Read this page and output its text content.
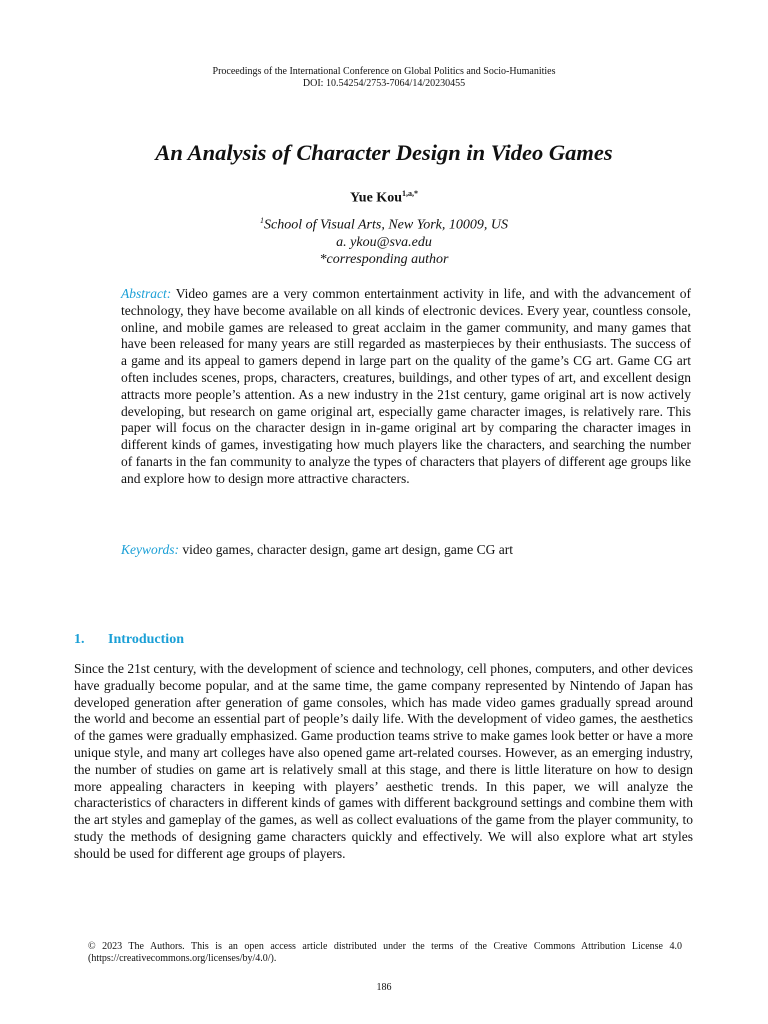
Proceedings of the International Conference on Global Politics and Socio-Humanities
DOI: 10.54254/2753-7064/14/20230455
An Analysis of Character Design in Video Games
Yue Kou$^{1,a,*}$
$^1$School of Visual Arts, New York, 10009, US
a. ykou@sva.edu
*corresponding author
Abstract: Video games are a very common entertainment activity in life, and with the advancement of technology, they have become available on all kinds of electronic devices. Every year, countless console, online, and mobile games are released to great acclaim in the gamer community, and many games that have been released for many years are still regarded as masterpieces by their enthusiasts. The success of a game and its appeal to gamers depend in large part on the quality of the game’s CG art. Game CG art often includes scenes, props, characters, creatures, buildings, and other types of art, and excellent design attracts more people’s attention. As a new industry in the 21st century, game original art is now actively developing, but research on game original art, especially game character images, is relatively rare. This paper will focus on the character design in in-game original art by comparing the character images in different kinds of games, investigating how much players like the characters, and searching the number of fanarts in the fan community to analyze the types of characters that players of different age groups like and explore how to design more attractive characters.
Keywords: video games, character design, game art design, game CG art
1. Introduction
Since the 21st century, with the development of science and technology, cell phones, computers, and other devices have gradually become popular, and at the same time, the game company represented by Nintendo of Japan has developed generation after generation of game consoles, which has made video games gradually spread around the world and become an essential part of people’s daily life. With the development of video games, the aesthetics of the games were gradually emphasized. Game production teams strive to make games look better or have a more unique style, and many art colleges have also opened game art-related courses. However, as an emerging industry, the number of studies on game art is relatively small at this stage, and there is little literature on how to design more appealing characters in keeping with players’ aesthetic trends. In this paper, we will analyze the characteristics of characters in different kinds of games with different background settings and combine them with the art styles and gameplay of the games, as well as collect evaluations of the game from the player community, to study the methods of designing game characters quickly and effectively. We will also explore what art styles should be used for different age groups of players.
© 2023 The Authors. This is an open access article distributed under the terms of the Creative Commons Attribution License 4.0 (https://creativecommons.org/licenses/by/4.0/).
186
